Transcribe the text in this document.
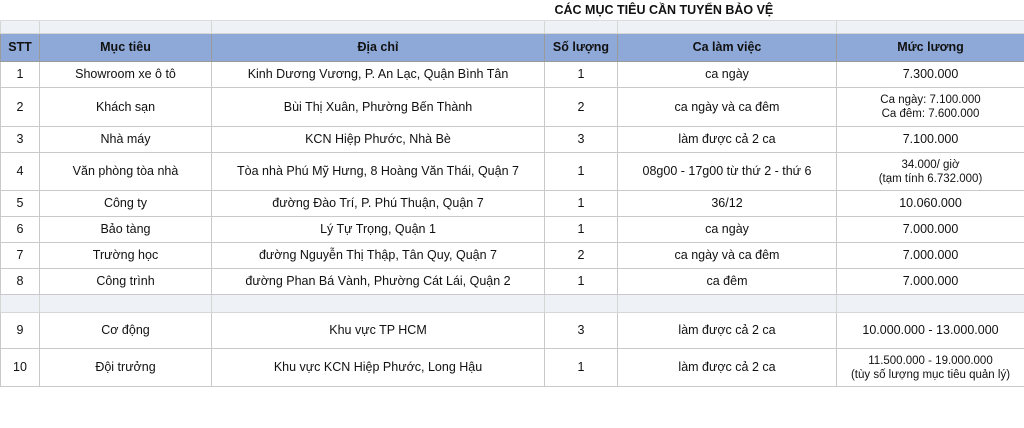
			CÁC MỤC TIÊU CẦN TUYỂN BẢO VỆ		

STT	Mục tiêu	Địa chỉ	Số lượng	Ca làm việc	Mức lương
1	Showroom xe ô tô	Kinh Dương Vương, P. An Lạc, Quận Bình Tân	1	ca ngày	7.300.000

2	Khách sạn	Bùi Thị Xuân, Phường Bến Thành	2	ca ngày và ca đêm	Ca ngày: 7.100.000
Ca đêm: 7.600.000

3	Nhà máy	KCN Hiệp Phước, Nhà Bè	3	làm được cả 2 ca	7.100.000

4	Văn phòng tòa nhà	Tòa nhà Phú Mỹ Hưng, 8 Hoàng Văn Thái, Quận 7	1	08g00 - 17g00 từ thứ 2 - thứ 6	34.000/ giờ
(tạm tính 6.732.000)

5	Công ty	đường Đào Trí, P. Phú Thuận, Quận 7	1	36/12	10.060.000

6	Bảo tàng	Lý Tự Trọng, Quận 1	1	ca ngày	7.000.000

7	Trường học	đường Nguyễn Thị Thập, Tân Quy, Quận 7	2	ca ngày và ca đêm	7.000.000

8	Công trình	đường Phan Bá Vành, Phường Cát Lái, Quận 2	1	ca đêm	7.000.000

9	Cơ động	Khu vực TP HCM	3	làm được cả 2 ca	10.000.000 - 13.000.000

10	Đội trưởng	Khu vực KCN Hiệp Phước, Long Hậu	1	làm được cả 2 ca	11.500.000 - 19.000.000
(tùy số lượng mục tiêu quản lý)
